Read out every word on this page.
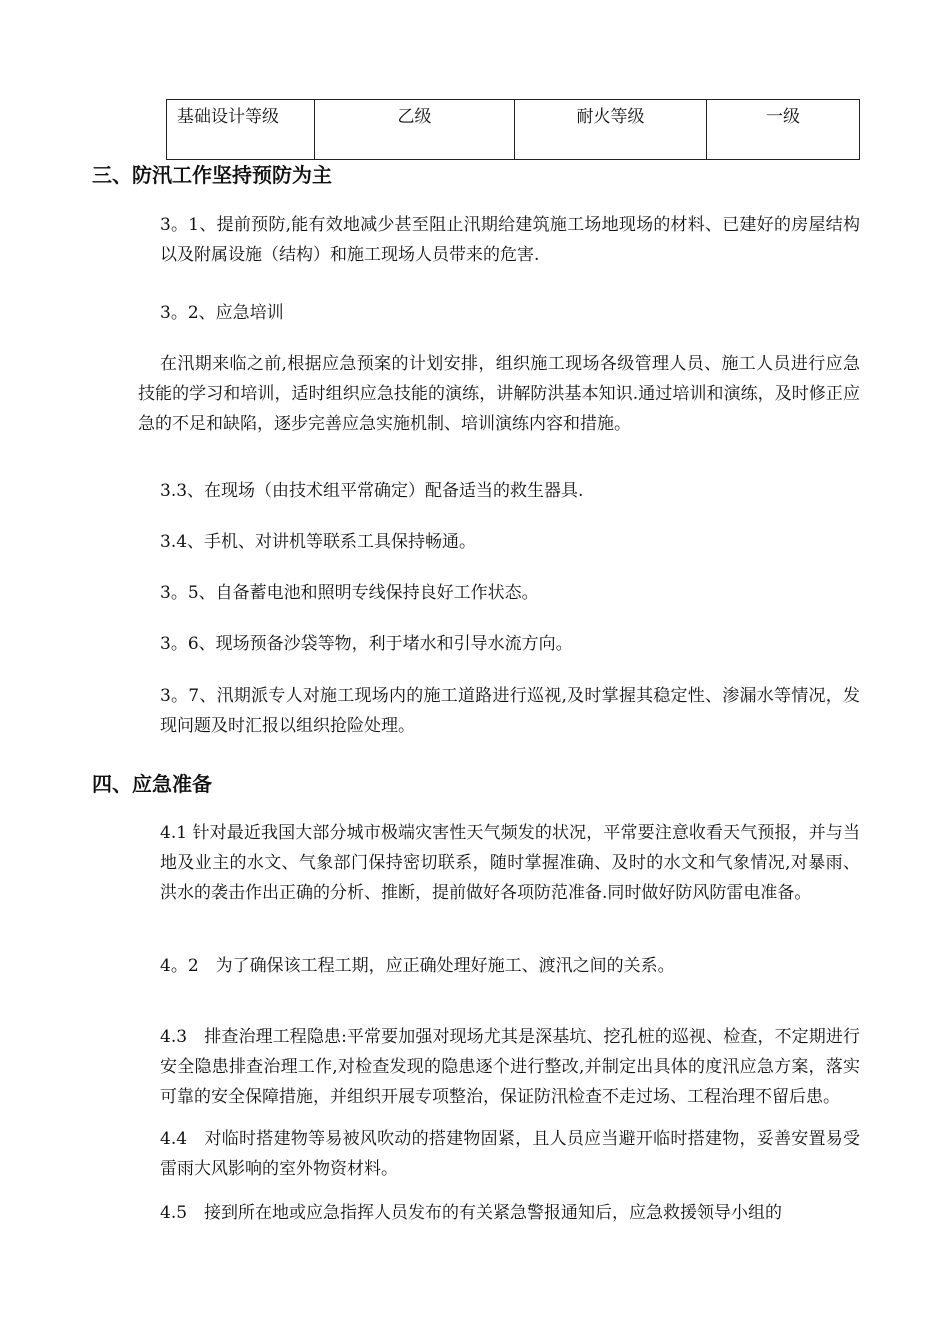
基础设计等级	乙级	耐火等级	一级
三、防汛工作坚持预防为主

3。1、提前预防,能有效地减少甚至阻止汛期给建筑施工场地现场的材料、已建好的房屋结构以及附属设施（结构）和施工现场人员带来的危害.

3。2、应急培训

在汛期来临之前,根据应急预案的计划安排，组织施工现场各级管理人员、施工人员进行应急技能的学习和培训，适时组织应急技能的演练，讲解防洪基本知识.通过培训和演练，及时修正应急的不足和缺陷，逐步完善应急实施机制、培训演练内容和措施。

3.3、在现场（由技术组平常确定）配备适当的救生器具.

3.4、手机、对讲机等联系工具保持畅通。

3。5、自备蓄电池和照明专线保持良好工作状态。

3。6、现场预备沙袋等物，利于堵水和引导水流方向。

3。7、汛期派专人对施工现场内的施工道路进行巡视,及时掌握其稳定性、渗漏水等情况，发现问题及时汇报以组织抢险处理。

四、应急准备

4.1 针对最近我国大部分城市极端灾害性天气频发的状况，平常要注意收看天气预报，并与当地及业主的水文、气象部门保持密切联系，随时掌握准确、及时的水文和气象情况,对暴雨、洪水的袭击作出正确的分析、推断，提前做好各项防范准备.同时做好防风防雷电准备。

4。2　为了确保该工程工期，应正确处理好施工、渡汛之间的关系。

4.3　排查治理工程隐患:平常要加强对现场尤其是深基坑、挖孔桩的巡视、检查，不定期进行安全隐患排查治理工作,对检查发现的隐患逐个进行整改,并制定出具体的度汛应急方案，落实可靠的安全保障措施，并组织开展专项整治，保证防汛检查不走过场、工程治理不留后患。

4.4　对临时搭建物等易被风吹动的搭建物固紧，且人员应当避开临时搭建物，妥善安置易受雷雨大风影响的室外物资材料。

4.5　接到所在地或应急指挥人员发布的有关紧急警报通知后，应急救援领导小组的
